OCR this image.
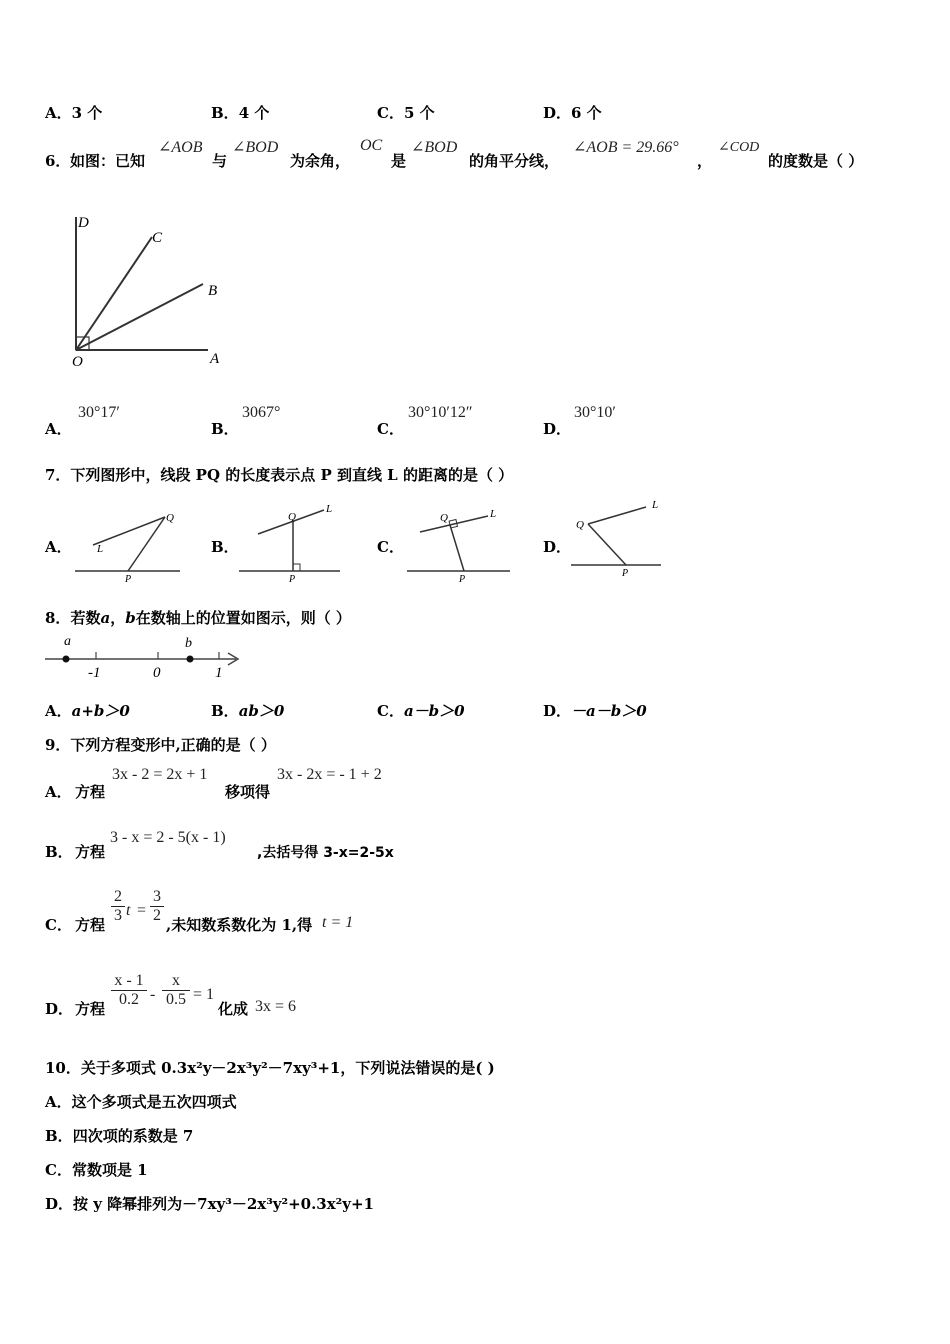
A．3 个	B．4 个	C．5 个	D．6 个
6． 如图：已知
∠AOB
与
∠BOD
为余角，
OC
是
∠BOD
的角平分线，
∠AOB = 29.66°
，
∠COD
的度数是（ ）
D
C
B
O	A
A．
30°17′
B．
3067°
C．
30°10′12″
D．
30°10′
7．下列图形中，线段 PQ 的长度表示点 P 到直线 L 的距离的是（ ）
A．
Q
L
P
B．
Q
L
P
C．
Q	L
P
D．
Q
L
P
8．若数a，b在数轴上的位置如图示，则（ ）
a	b
-1	0	1
A．a+b＞0	B．ab＞0	C．a－b＞0	D．－a－b＞0
9．下列方程变形中,正确的是（ ）
A． 方程
3x - 2 = 2x + 1
移项得
3x - 2x = - 1 + 2
B． 方程
3 - x = 2 - 5(x - 1)
,去括号得 3-x=2-5x
C． 方程 $\frac{2}{3}$ $t = \frac{3}{2}$ ,未知数系数化为 1,得 t = 1
D． 方程 $\frac{x - 1}{0.2} - \frac{x}{0.5} = 1$
化成 3x = 6
10．关于多项式 0.3x²y－2x³y²－7xy³+1，下列说法错误的是( )
A．这个多项式是五次四项式
B．四次项的系数是 7
C．常数项是 1
D．按 y 降幂排列为－7xy³－2x³y²+0.3x²y+1
